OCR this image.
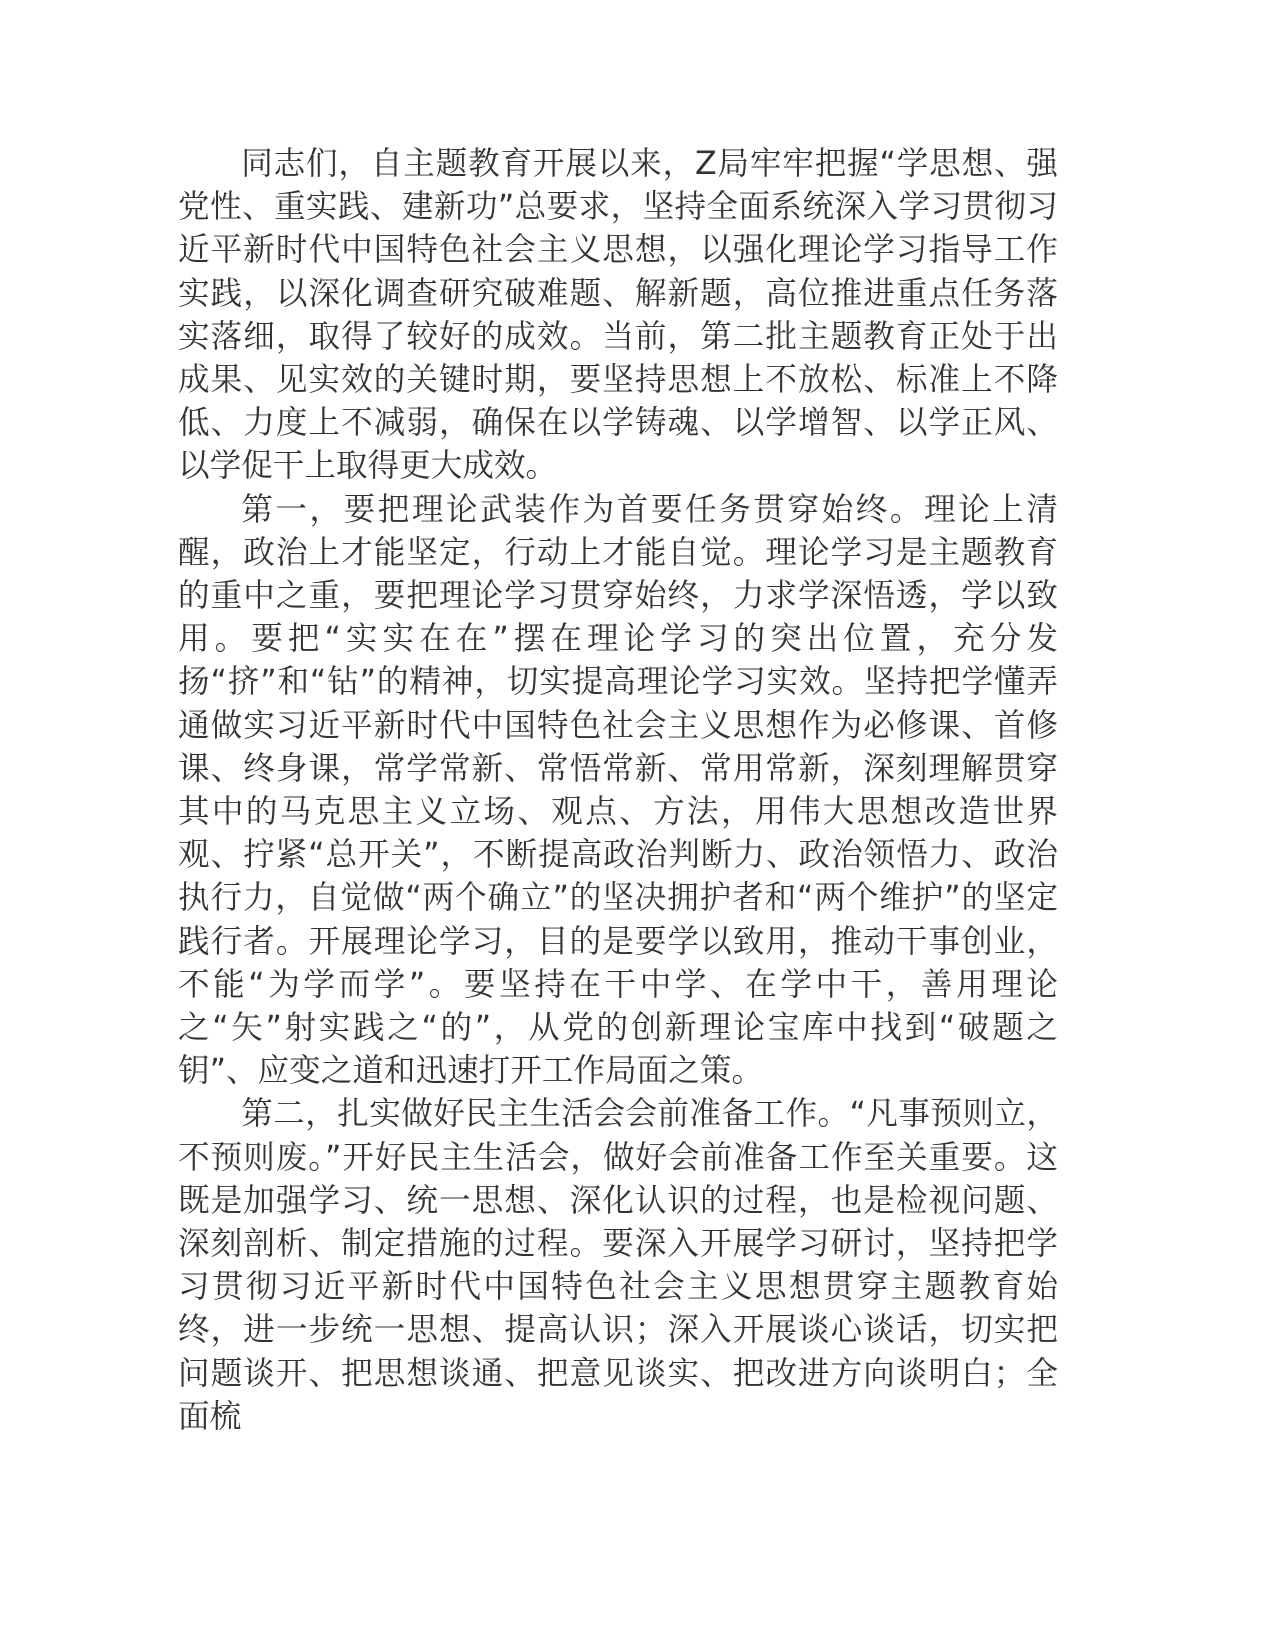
同志们，自主题教育开展以来，Z局牢牢把握“学思想、强党性、重实践、建新功”总要求，坚持全面系统深入学习贯彻习近平新时代中国特色社会主义思想，以强化理论学习指导工作实践，以深化调查研究破难题、解新题，高位推进重点任务落实落细，取得了较好的成效。当前，第二批主题教育正处于出成果、见实效的关键时期，要坚持思想上不放松、标准上不降低、力度上不减弱，确保在以学铸魂、以学增智、以学正风、以学促干上取得更大成效。

第一，要把理论武装作为首要任务贯穿始终。理论上清醒，政治上才能坚定，行动上才能自觉。理论学习是主题教育的重中之重，要把理论学习贯穿始终，力求学深悟透，学以致用。要把“实实在在”摆在理论学习的突出位置，充分发扬“挤”和“钻”的精神，切实提高理论学习实效。坚持把学懂弄通做实习近平新时代中国特色社会主义思想作为必修课、首修课、终身课，常学常新、常悟常新、常用常新，深刻理解贯穿其中的马克思主义立场、观点、方法，用伟大思想改造世界观、拧紧“总开关”，不断提高政治判断力、政治领悟力、政治执行力，自觉做“两个确立”的坚决拥护者和“两个维护”的坚定践行者。开展理论学习，目的是要学以致用，推动干事创业，不能“为学而学”。要坚持在干中学、在学中干，善用理论之“矢”射实践之“的”，从党的创新理论宝库中找到“破题之钥”、应变之道和迅速打开工作局面之策。

第二，扎实做好民主生活会会前准备工作。“凡事预则立，不预则废。”开好民主生活会，做好会前准备工作至关重要。这既是加强学习、统一思想、深化认识的过程，也是检视问题、深刻剖析、制定措施的过程。要深入开展学习研讨，坚持把学习贯彻习近平新时代中国特色社会主义思想贯穿主题教育始终，进一步统一思想、提高认识；深入开展谈心谈话，切实把问题谈开、把思想谈通、把意见谈实、把改进方向谈明白；全面梳
